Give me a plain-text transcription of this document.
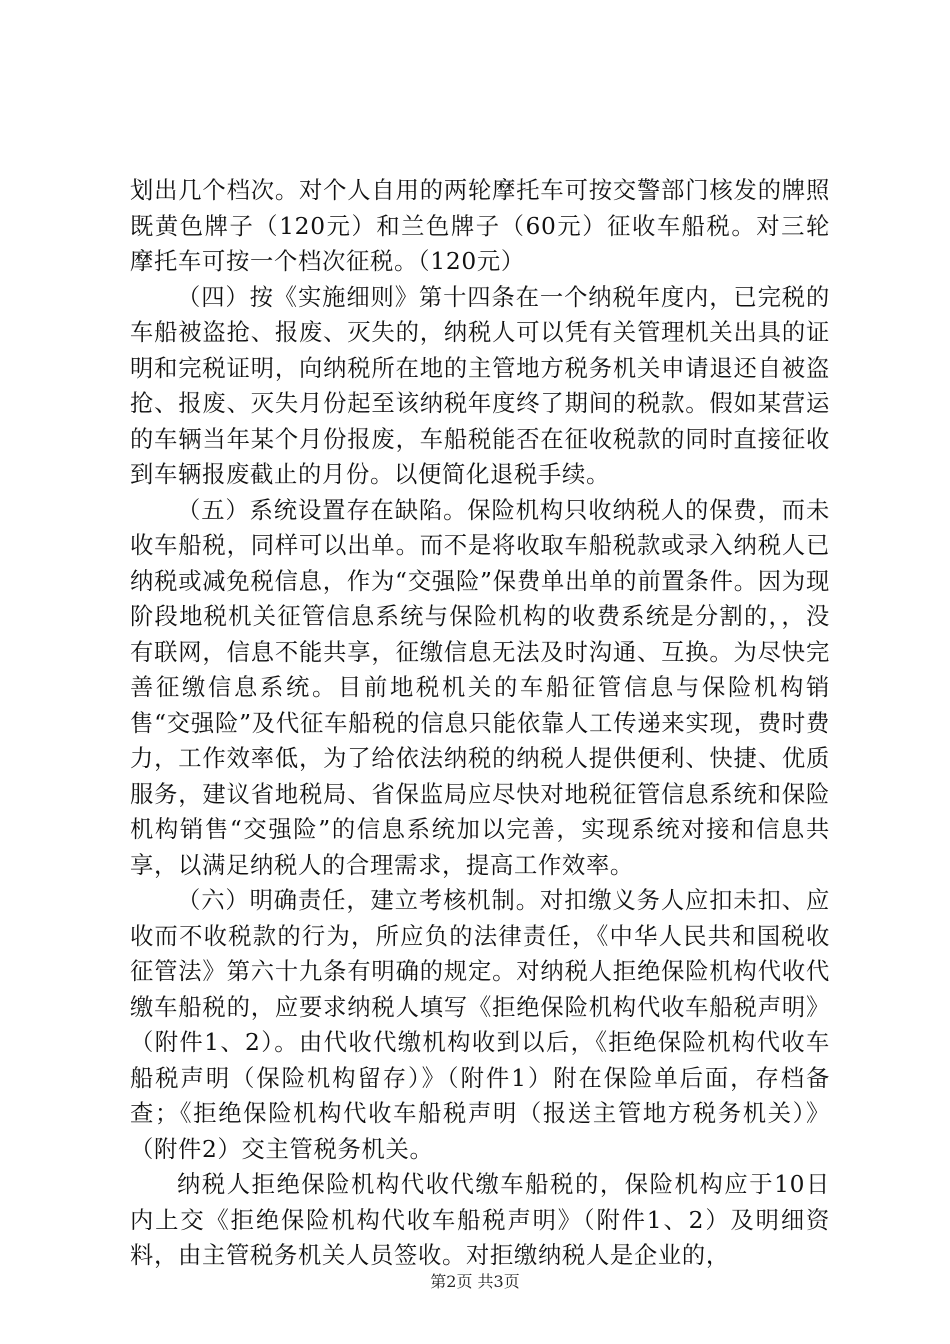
划出几个档次。对个人自用的两轮摩托车可按交警部门核发的牌照既黄色牌子（120元）和兰色牌子（60元）征收车船税。对三轮摩托车可按一个档次征税。（120元）

（四）按《实施细则》第十四条在一个纳税年度内，已完税的车船被盗抢、报废、灭失的，纳税人可以凭有关管理机关出具的证明和完税证明，向纳税所在地的主管地方税务机关申请退还自被盗抢、报废、灭失月份起至该纳税年度终了期间的税款。假如某营运的车辆当年某个月份报废，车船税能否在征收税款的同时直接征收到车辆报废截止的月份。以便简化退税手续。

（五）系统设置存在缺陷。保险机构只收纳税人的保费，而未收车船税，同样可以出单。而不是将收取车船税款或录入纳税人已纳税或减免税信息，作为“交强险”保费单出单的前置条件。因为现阶段地税机关征管信息系统与保险机构的收费系统是分割的，，没有联网，信息不能共享，征缴信息无法及时沟通、互换。为尽快完善征缴信息系统。目前地税机关的车船征管信息与保险机构销售“交强险”及代征车船税的信息只能依靠人工传递来实现，费时费力，工作效率低，为了给依法纳税的纳税人提供便利、快捷、优质服务，建议省地税局、省保监局应尽快对地税征管信息系统和保险机构销售“交强险”的信息系统加以完善，实现系统对接和信息共享，以满足纳税人的合理需求，提高工作效率。

（六）明确责任，建立考核机制。对扣缴义务人应扣未扣、应收而不收税款的行为，所应负的法律责任，《中华人民共和国税收征管法》第六十九条有明确的规定。对纳税人拒绝保险机构代收代缴车船税的，应要求纳税人填写《拒绝保险机构代收车船税声明》（附件1、2）。由代收代缴机构收到以后，《拒绝保险机构代收车船税声明（保险机构留存）》（附件1）附在保险单后面，存档备查；《拒绝保险机构代收车船税声明（报送主管地方税务机关）》（附件2）交主管税务机关。

纳税人拒绝保险机构代收代缴车船税的，保险机构应于10日内上交《拒绝保险机构代收车船税声明》（附件1、2）及明细资料，由主管税务机关人员签收。对拒缴纳税人是企业的，

第2页 共3页
